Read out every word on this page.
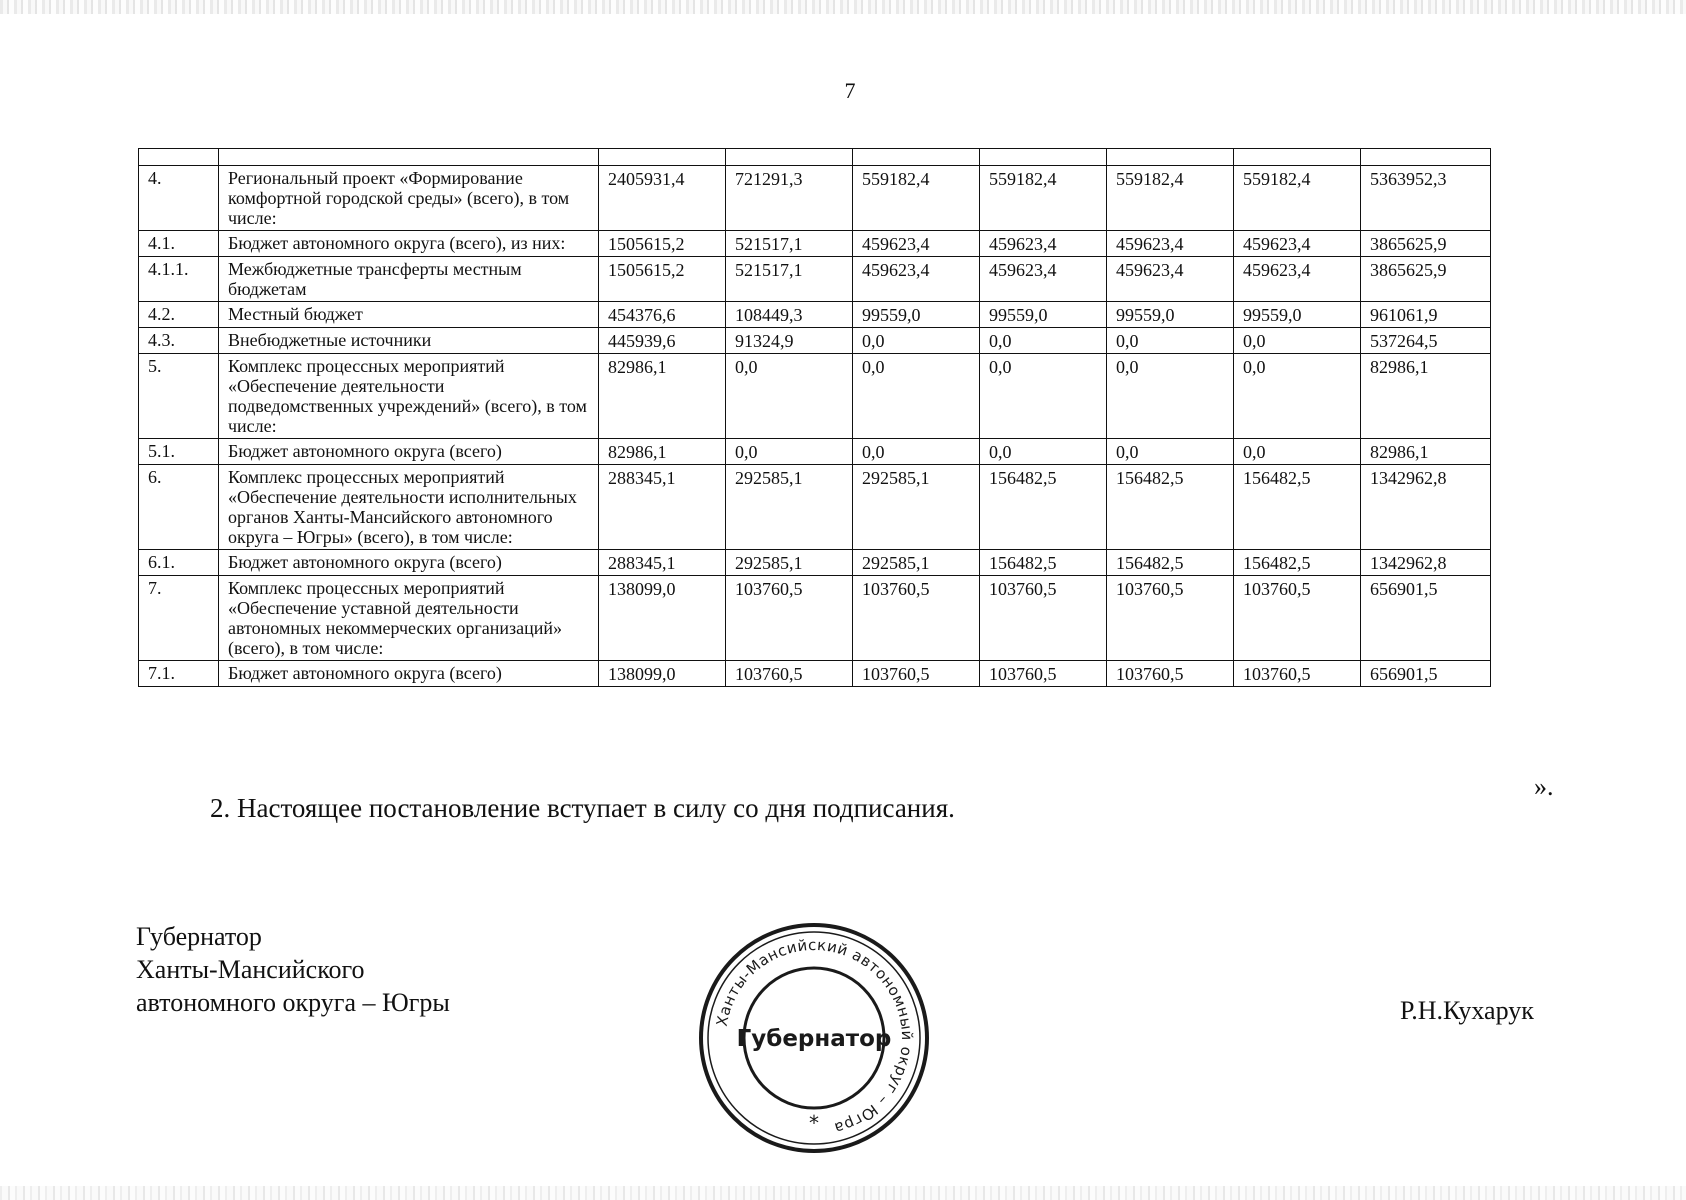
7

4.	Региональный проект «Формирование комфортной городской среды» (всего), в том числе:	2405931,4	721291,3	559182,4	559182,4	559182,4	559182,4	5363952,3
4.1.	Бюджет автономного округа (всего), из них:	1505615,2	521517,1	459623,4	459623,4	459623,4	459623,4	3865625,9
4.1.1.	Межбюджетные трансферты местным бюджетам	1505615,2	521517,1	459623,4	459623,4	459623,4	459623,4	3865625,9
4.2.	Местный бюджет	454376,6	108449,3	99559,0	99559,0	99559,0	99559,0	961061,9
4.3.	Внебюджетные источники	445939,6	91324,9	0,0	0,0	0,0	0,0	537264,5
5.	Комплекс процессных мероприятий «Обеспечение деятельности подведомственных учреждений» (всего), в том числе:	82986,1	0,0	0,0	0,0	0,0	0,0	82986,1
5.1.	Бюджет автономного округа (всего)	82986,1	0,0	0,0	0,0	0,0	0,0	82986,1
6.	Комплекс процессных мероприятий «Обеспечение деятельности исполнительных органов Ханты-Мансийского автономного округа – Югры» (всего), в том числе:	288345,1	292585,1	292585,1	156482,5	156482,5	156482,5	1342962,8
6.1.	Бюджет автономного округа (всего)	288345,1	292585,1	292585,1	156482,5	156482,5	156482,5	1342962,8
7.	Комплекс процессных мероприятий «Обеспечение уставной деятельности автономных некоммерческих организаций» (всего), в том числе:	138099,0	103760,5	103760,5	103760,5	103760,5	103760,5	656901,5
7.1.	Бюджет автономного округа (всего)	138099,0	103760,5	103760,5	103760,5	103760,5	103760,5	656901,5
».
2. Настоящее постановление вступает в силу со дня подписания.
Губернатор
Ханты-Мансийского
автономного округа – Югры
Ханты-Мансийский автономный округ – Югра
Губернатор
*
Р.Н.Кухарук
